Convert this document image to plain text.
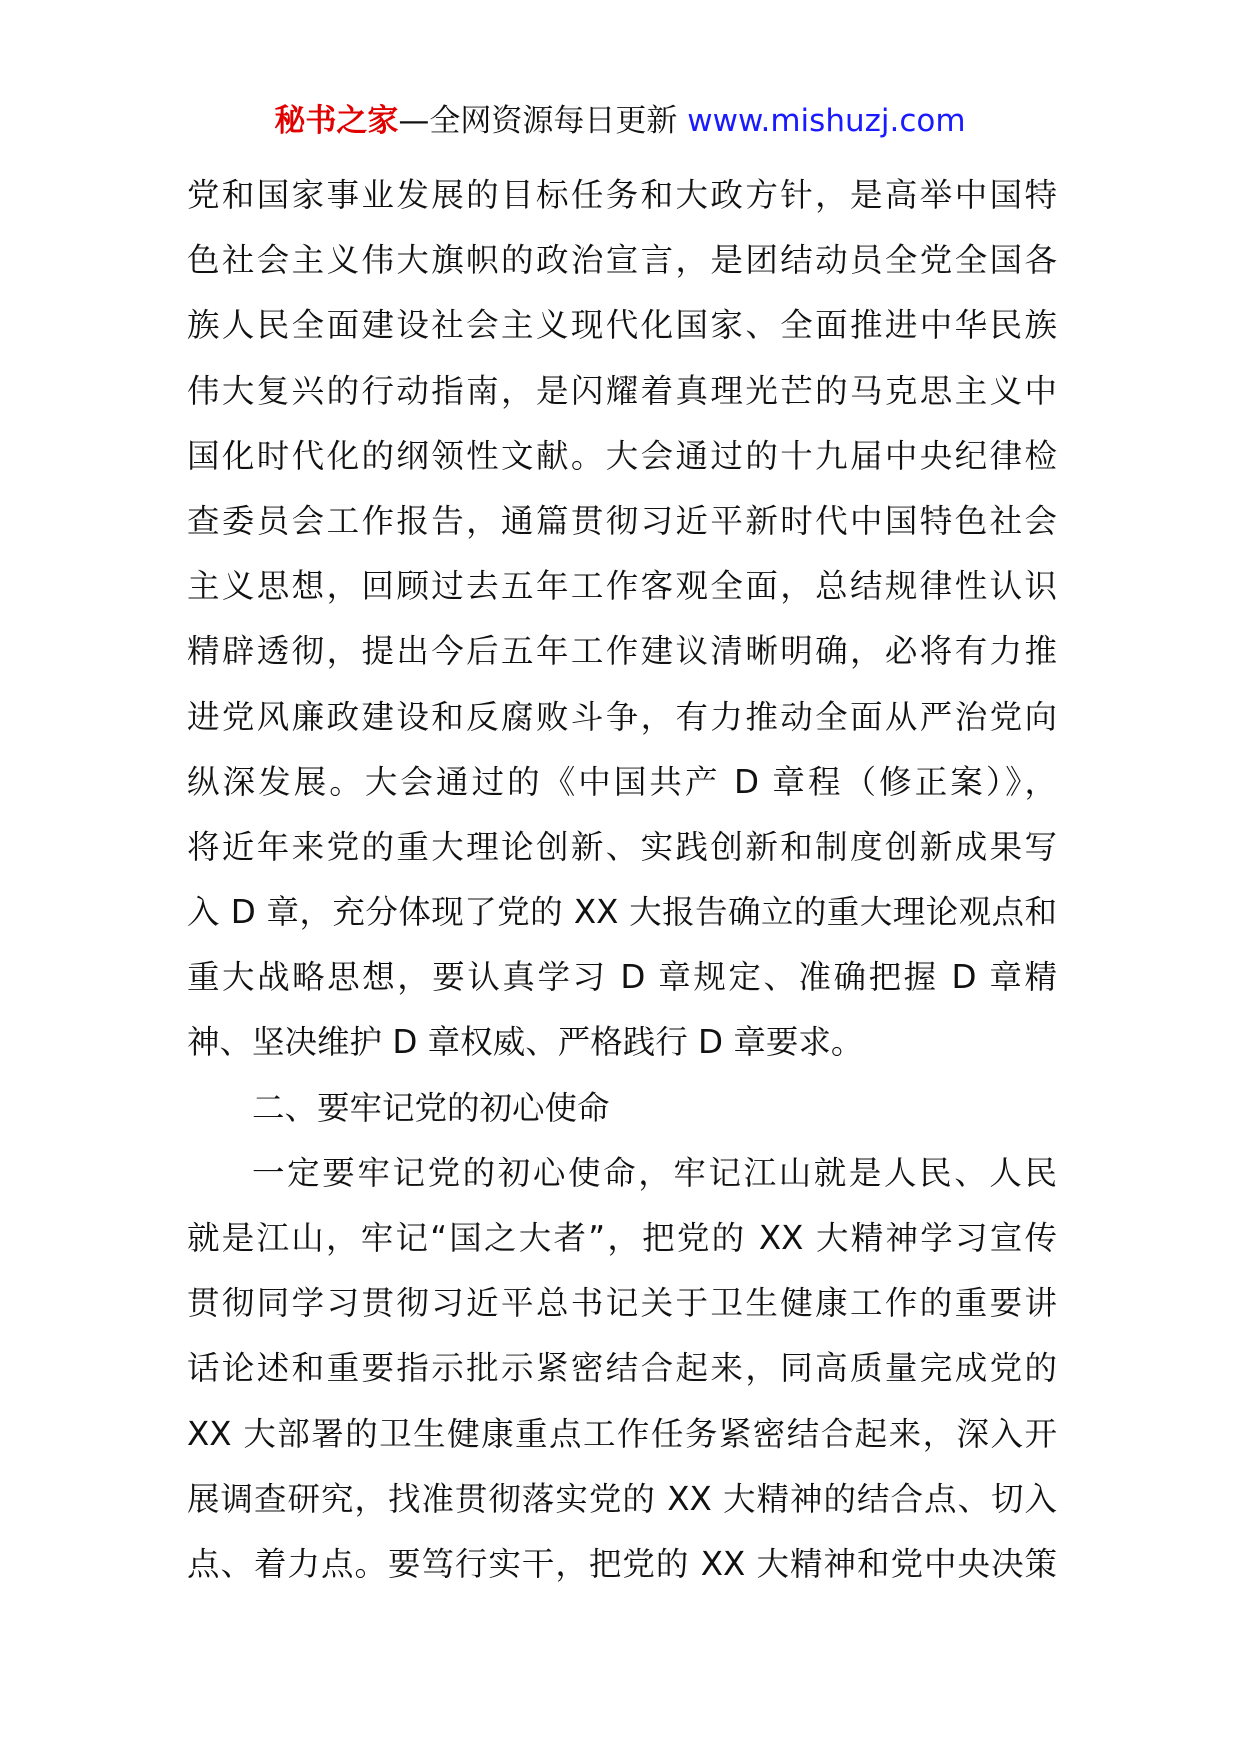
秘书之家—全网资源每日更新 www.mishuzj.com
党和国家事业发展的目标任务和大政方针，是高举中国特
色社会主义伟大旗帜的政治宣言，是团结动员全党全国各
族人民全面建设社会主义现代化国家、全面推进中华民族
伟大复兴的行动指南，是闪耀着真理光芒的马克思主义中
国化时代化的纲领性文献。大会通过的十九届中央纪律检
查委员会工作报告，通篇贯彻习近平新时代中国特色社会
主义思想，回顾过去五年工作客观全面，总结规律性认识
精辟透彻，提出今后五年工作建议清晰明确，必将有力推
进党风廉政建设和反腐败斗争，有力推动全面从严治党向
纵深发展。大会通过的《中国共产 D 章程（修正案）》，
将近年来党的重大理论创新、实践创新和制度创新成果写
入 D 章，充分体现了党的 XX 大报告确立的重大理论观点和
重大战略思想，要认真学习 D 章规定、准确把握 D 章精
神、坚决维护 D 章权威、严格践行 D 章要求。
二、要牢记党的初心使命
一定要牢记党的初心使命，牢记江山就是人民、人民
就是江山，牢记“国之大者”，把党的 XX 大精神学习宣传
贯彻同学习贯彻习近平总书记关于卫生健康工作的重要讲
话论述和重要指示批示紧密结合起来，同高质量完成党的
XX 大部署的卫生健康重点工作任务紧密结合起来，深入开
展调查研究，找准贯彻落实党的 XX 大精神的结合点、切入
点、着力点。要笃行实干，把党的 XX 大精神和党中央决策
